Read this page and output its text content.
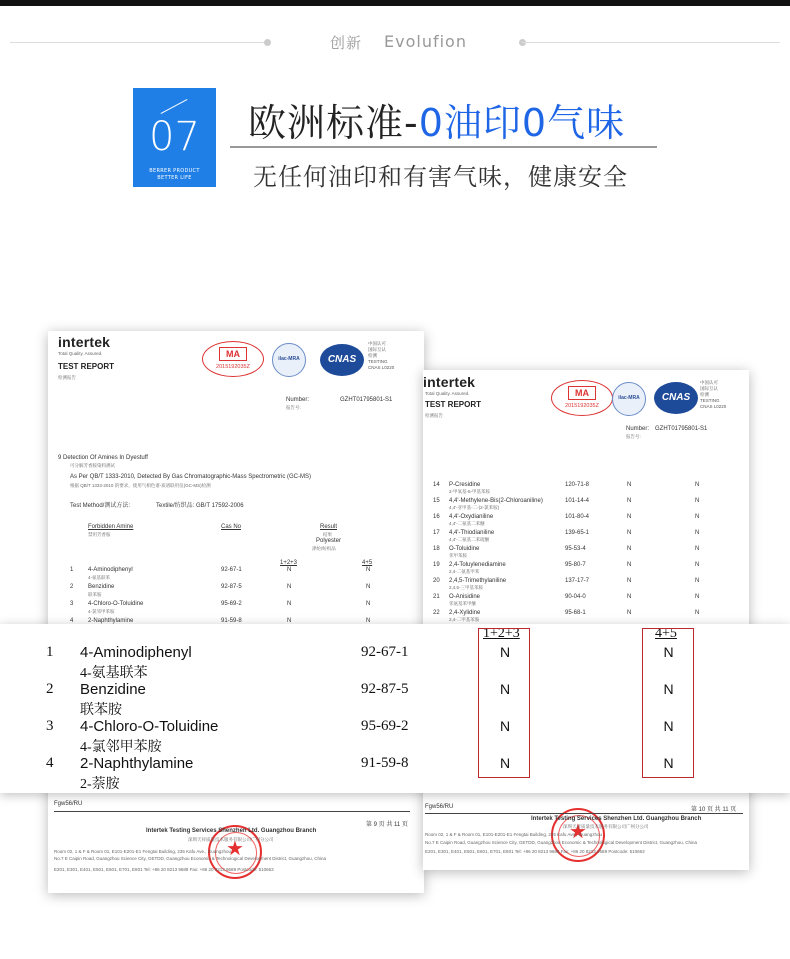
创新 Evolufion
07
BERRER PRODUCT
BETTER LIFE
欧洲标准-0油印0气味
无任何油印和有害气味，健康安全
intertek
Total Quality. Assured.
TEST REPORT
检测报告
MA
2015192035Z
ilac-MRA	CNAS
中国认可
国际互认
检测
TESTING
CNAS L0220
Number:	GZHT01795801-S1
报告号:
9 Detection Of Amines In Dyestuff
可分解芳香胺染料测试
As Per QB/T 1333-2010, Detected By Gas Chromatographic-Mass Spectrometric (GC-MS)
根据 QB/T 1333-2010 的要求，使用气相色谱-质谱联用仪(GC-MS)检测
Test Method/测试方法:	Textile/纺织品: GB/T 17592-2006
Forbidden Amine
禁用芳香胺
Cas No	Result
结果
Polyester
涤纶/纺织品
1+2+3	4+5
1 4-Aminodiphenyl
4-氨基联苯
92-67-1	N	N
2 Benzidine
联苯胺
92-87-5	N	N
3 4-Chloro-O-Toluidine
4-氯邻甲苯胺
95-69-2	N	N
4 2-Naphthylamine	91-59-8	N	N
★
Fgw56/RU
第 9 页 共 11 页
Intertek Testing Services Shenzhen Ltd. Guangzhou Branch
深圳天祥质量技术服务有限公司广州分公司
Room 02, 1 & F & Room 01, E101-E201-E1 Fengtai Building, 235 Kafu Ave., Guangzhou
No.7 E Caipin Road, Guangzhou Science City, GETDD, Guangzhou Economic & Technological Development District, Guangzhou, China
E201, E301, E401, E501, E601, E701, E801 Tel: +86 20 8213 9688 Fax: +86 20 8213 9689 Postcode: 510663
intertek
Total Quality. Assured.
TEST REPORT
检测报告
MA
2015192035Z
ilac-MRA	CNAS
中国认可
国际互认
检测
TESTING
CNAS L0220
Number: GZHT01795801-S1
报告号:
14 P-Cresidine
2-甲氧基-5-甲基苯胺
120-71-8	N	N
15 4,4'-Methylene-Bis(2-Chloroaniline)
4,4'-亚甲基-二-(2-氯苯胺)
101-14-4	N	N
16 4,4'-Oxydianiline
4,4'-二氨基二苯醚
101-80-4	N	N
17 4,4'-Thiodianiline
4,4'-二氨基二苯硫醚
139-65-1	N	N
18 O-Toluidine
邻甲苯胺
95-53-4	N	N
19 2,4-Toluylenediamine
2,4-二氨基甲苯
95-80-7	N	N
20 2,4,5-Trimethylaniline
2,4,5-三甲基苯胺
137-17-7	N	N
21 O-Anisidine
邻氨基苯甲醚
90-04-0	N	N
22 2,4-Xylidine
2,4-二甲基苯胺
95-68-1	N	N
★
Fgw56/RU	第 10 页 共 11 页
Intertek Testing Services Shenzhen Ltd. Guangzhou Branch
深圳天祥质量技术服务有限公司广州分公司
Room 02, 1 & F & Room 01, E101-E201-E1 Fengtai Building, 235 Kafu Ave., Guangzhou
No.7 E Caipin Road, Guangzhou Science City, GETDD, Guangzhou Economic & Technological Development District, Guangzhou, China
E201, E301, E401, E501, E601, E701, E801 Tel: +86 20 8213 9688 Fax: +86 20 8213 9689 Postcode: 510663
1+2+3	4+5
1 4-Aminodiphenyl
4-氨基联苯
92-67-1	N	N
2 Benzidine
联苯胺
92-87-5	N	N
3 4-Chloro-O-Toluidine
4-氯邻甲苯胺
95-69-2	N	N
4 2-Naphthylamine
2-萘胺
91-59-8	N	N
